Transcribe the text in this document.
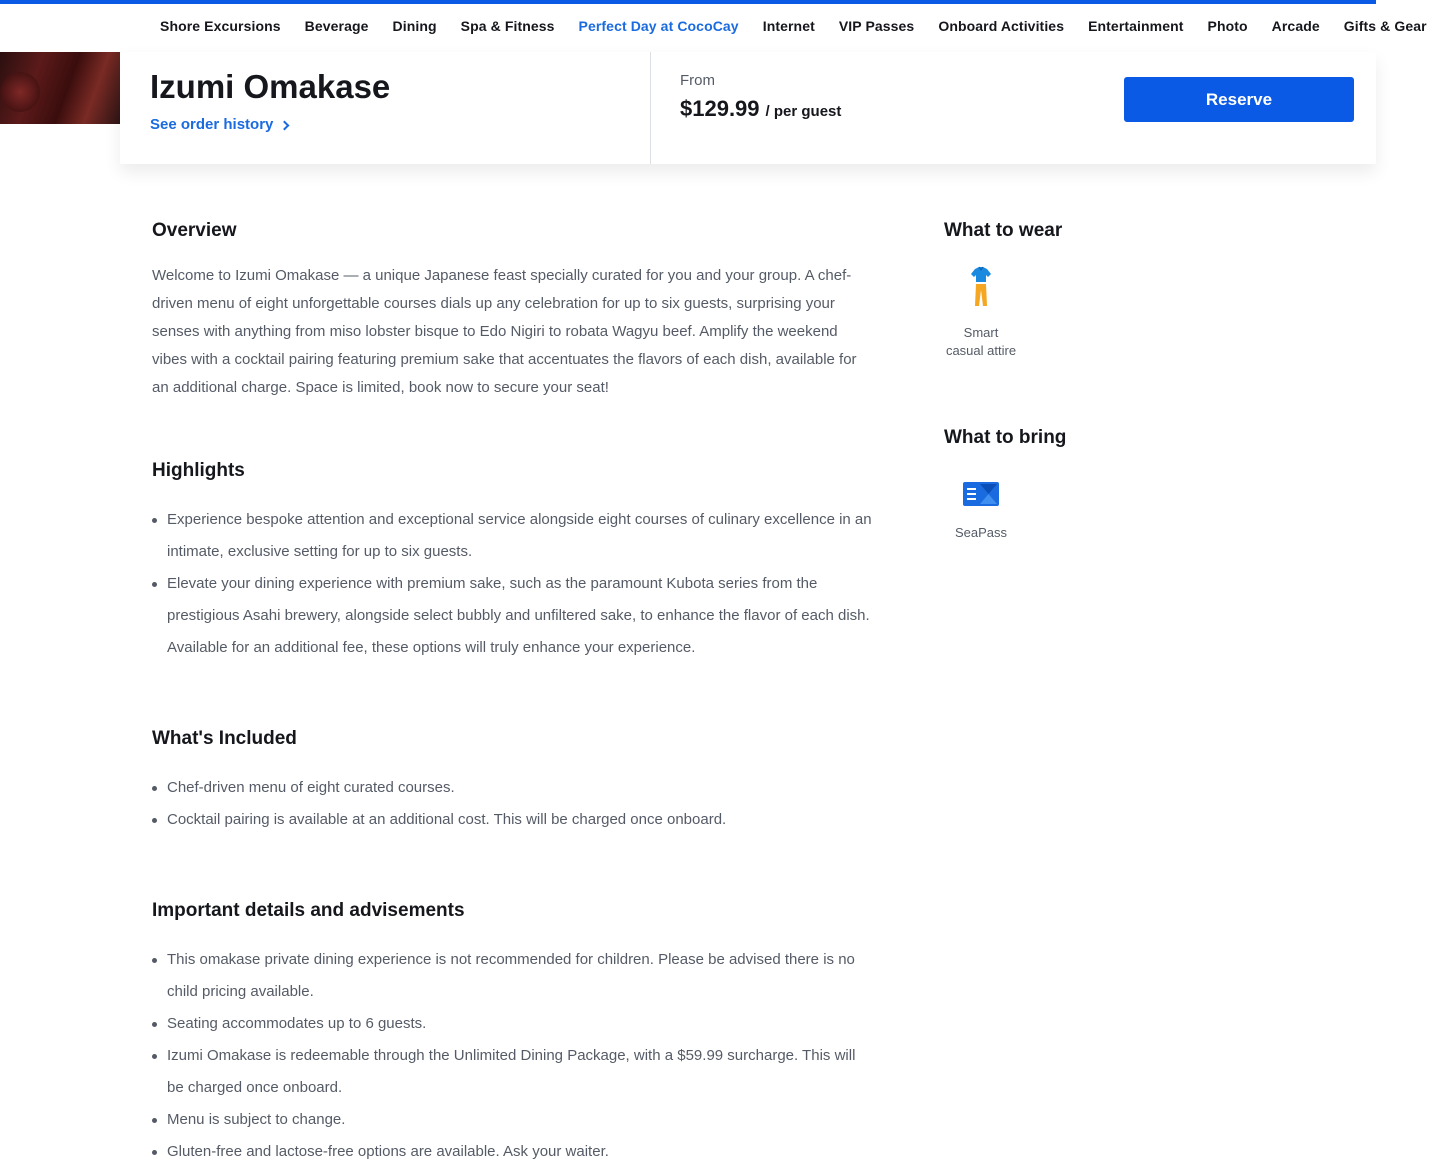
Shore Excursions Beverage Dining Spa & Fitness Perfect Day at CocoCay Internet VIP Passes Onboard Activities Entertainment Photo Arcade Gifts & Gear
Izumi Omakase
See order history
From
$129.99 / per guest
Reserve
Overview

Welcome to Izumi Omakase — a unique Japanese feast specially curated for you and your group. A chef-driven menu of eight unforgettable courses dials up any celebration for up to six guests, surprising your senses with anything from miso lobster bisque to Edo Nigiri to robata Wagyu beef. Amplify the weekend vibes with a cocktail pairing featuring premium sake that accentuates the flavors of each dish, available for an additional charge. Space is limited, book now to secure your seat!

Highlights
Experience bespoke attention and exceptional service alongside eight courses of culinary excellence in an intimate, exclusive setting for up to six guests.
Elevate your dining experience with premium sake, such as the paramount Kubota series from the prestigious Asahi brewery, alongside select bubbly and unfiltered sake, to enhance the flavor of each dish. Available for an additional fee, these options will truly enhance your experience.
What's Included
Chef-driven menu of eight curated courses.
Cocktail pairing is available at an additional cost. This will be charged once onboard.
Important details and advisements
This omakase private dining experience is not recommended for children. Please be advised there is no child pricing available.
Seating accommodates up to 6 guests.
Izumi Omakase is redeemable through the Unlimited Dining Package, with a $59.99 surcharge. This will be charged once onboard.
Menu is subject to change.
Gluten-free and lactose-free options are available. Ask your waiter.
What to wear
Smart casual attire
What to bring
SeaPass
